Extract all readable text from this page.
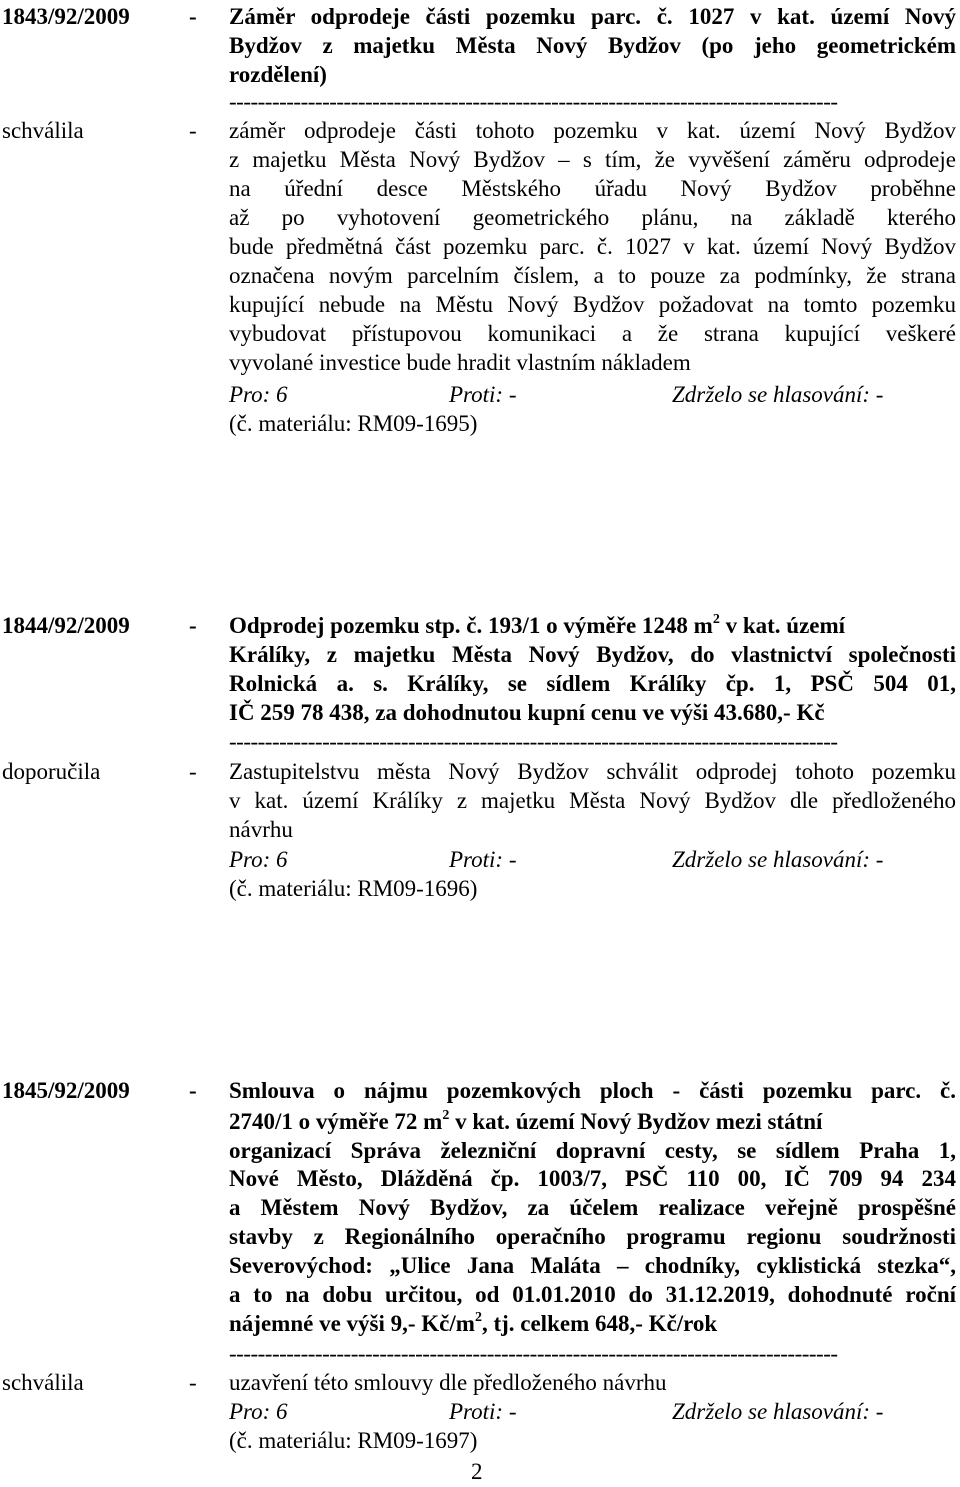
1843/92/2009	- Záměr odprodeje části pozemku parc. č. 1027 v kat. území Nový
Bydžov z majetku Města Nový Bydžov (po jeho geometrickém
rozdělení)
-------------------------------------------------------------------------------------
schválila	- záměr odprodeje části tohoto pozemku v kat. území Nový Bydžov
z majetku Města Nový Bydžov – s tím, že vyvěšení záměru odprodeje
na úřední desce Městského úřadu Nový Bydžov proběhne
až po vyhotovení geometrického plánu, na základě kterého
bude předmětná část pozemku parc. č. 1027 v kat. území Nový Bydžov
označena novým parcelním číslem, a to pouze za podmínky, že strana
kupující nebude na Městu Nový Bydžov požadovat na tomto pozemku
vybudovat přístupovou komunikaci a že strana kupující veškeré
vyvolané investice bude hradit vlastním nákladem
Pro: 6	Proti: -	Zdrželo se hlasování: -
(č. materiálu: RM09-1695)
1844/92/2009	- Odprodej pozemku stp. č. 193/1 o výměře 1248 $m^2$ v kat. území
Králíky, z majetku Města Nový Bydžov, do vlastnictví společnosti
Rolnická a. s. Králíky, se sídlem Králíky čp. 1, PSČ 504 01,
IČ 259 78 438, za dohodnutou kupní cenu ve výši 43.680,- Kč
-------------------------------------------------------------------------------------
doporučila	- Zastupitelstvu města Nový Bydžov schválit odprodej tohoto pozemku
v kat. území Králíky z majetku Města Nový Bydžov dle předloženého
návrhu
Pro: 6	Proti: -	Zdrželo se hlasování: -
(č. materiálu: RM09-1696)
1845/92/2009	- Smlouva o nájmu pozemkových ploch - části pozemku parc. č.
2740/1 o výměře 72 $m^2$ v kat. území Nový Bydžov mezi státní
organizací Správa železniční dopravní cesty, se sídlem Praha 1,
Nové Město, Dlážděná čp. 1003/7, PSČ 110 00, IČ 709 94 234
a Městem Nový Bydžov, za účelem realizace veřejně prospěšné
stavby z Regionálního operačního programu regionu soudržnosti
Severovýchod: „Ulice Jana Maláta – chodníky, cyklistická stezka“,
a to na dobu určitou, od 01.01.2010 do 31.12.2019, dohodnuté roční
nájemné ve výši 9,- $Kč/m^2$, tj. celkem 648,- Kč/rok
-------------------------------------------------------------------------------------
schválila	- uzavření této smlouvy dle předloženého návrhu
Pro: 6	Proti: -	Zdrželo se hlasování: -
(č. materiálu: RM09-1697)
2
